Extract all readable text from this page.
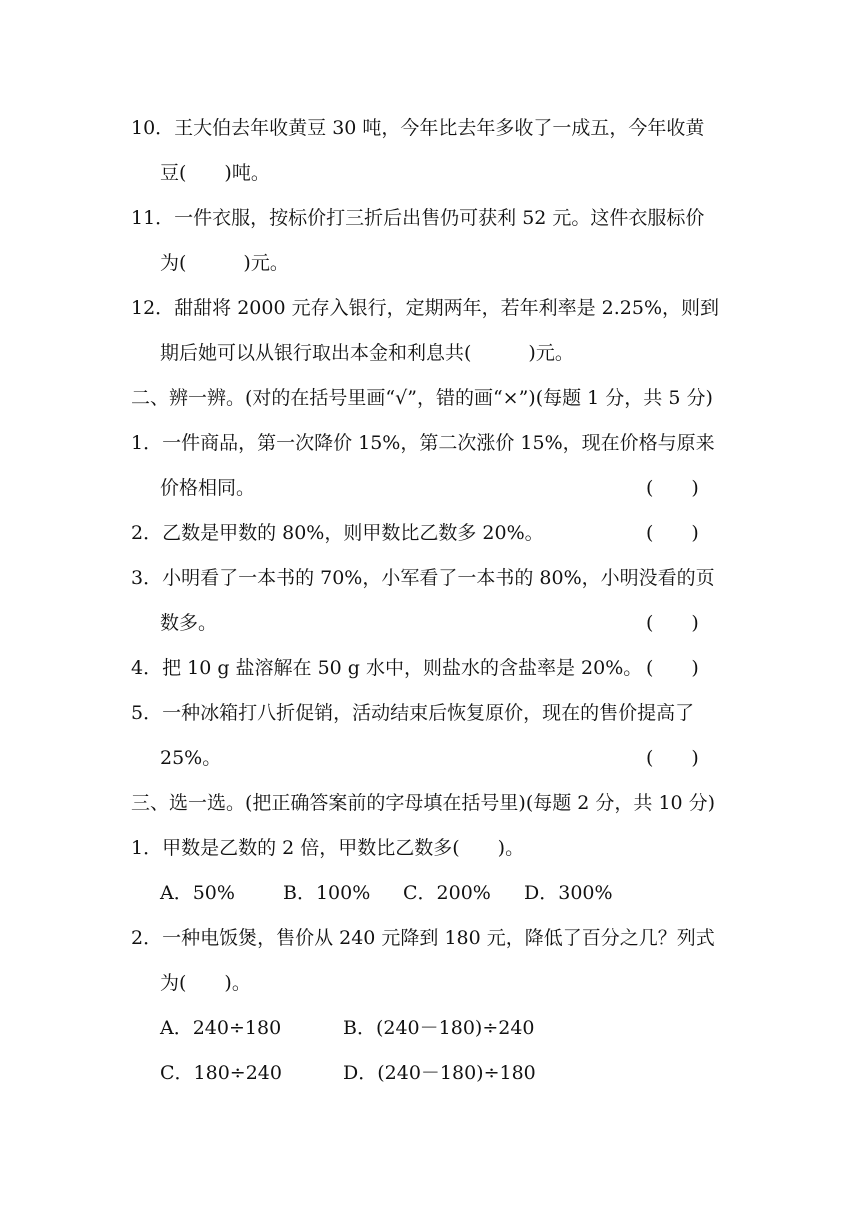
10．王大伯去年收黄豆 30 吨，今年比去年多收了一成五，今年收黄
豆(　　)吨。
11．一件衣服，按标价打三折后出售仍可获利 52 元。这件衣服标价
为(　　　)元。
12．甜甜将 2000 元存入银行，定期两年，若年利率是 2.25%，则到
期后她可以从银行取出本金和利息共(　　　)元。
二、辨一辨。(对的在括号里画“√”，错的画“×”)(每题 1 分，共 5 分)
1．一件商品，第一次降价 15%，第二次涨价 15%，现在价格与原来
价格相同。	(　　)
2．乙数是甲数的 80%，则甲数比乙数多 20%。	(　　)
3．小明看了一本书的 70%，小军看了一本书的 80%，小明没看的页
数多。	(　　)
4．把 10 g 盐溶解在 50 g 水中，则盐水的含盐率是 20%。 (　　)
5．一种冰箱打八折促销，活动结束后恢复原价，现在的售价提高了
25%。	(　　)
三、选一选。(把正确答案前的字母填在括号里)(每题 2 分，共 10 分)
1．甲数是乙数的 2 倍，甲数比乙数多(　　)。
A．50%	B．100% C．200% D．300%
2．一种电饭煲，售价从 240 元降到 180 元，降低了百分之几？列式
为(　　)。
A．240÷180	B．(240－180)÷240
C．180÷240	D．(240－180)÷180
